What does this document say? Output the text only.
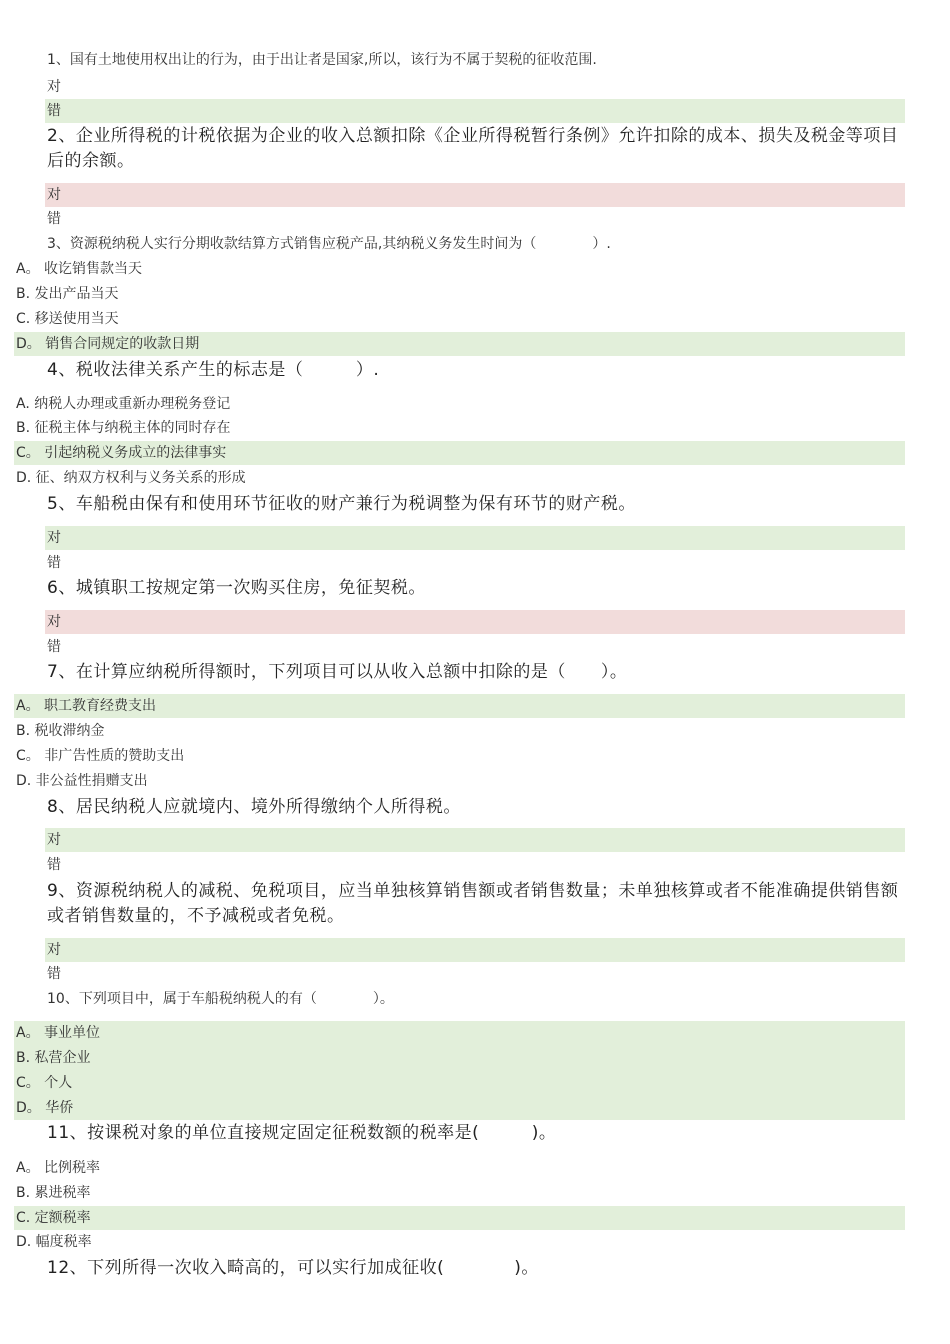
1、国有土地使用权出让的行为，由于出让者是国家,所以，该行为不属于契税的征收范围.
对
错
2、企业所得税的计税依据为企业的收入总额扣除《企业所得税暂行条例》允许扣除的成本、损失及税金等项目后的余额。
对
错
3、资源税纳税人实行分期收款结算方式销售应税产品,其纳税义务发生时间为（　　　　）.
A。 收讫销售款当天
B. 发出产品当天
C. 移送使用当天
D。 销售合同规定的收款日期
4、税收法律关系产生的标志是（　　　）.
A. 纳税人办理或重新办理税务登记
B. 征税主体与纳税主体的同时存在
C。 引起纳税义务成立的法律事实
D. 征、纳双方权利与义务关系的形成
5、车船税由保有和使用环节征收的财产兼行为税调整为保有环节的财产税。
对
错
6、城镇职工按规定第一次购买住房，免征契税。
对
错
7、在计算应纳税所得额时，下列项目可以从收入总额中扣除的是（　　）。
A。 职工教育经费支出
B. 税收滞纳金
C。 非广告性质的赞助支出
D. 非公益性捐赠支出
8、居民纳税人应就境内、境外所得缴纳个人所得税。
对
错
9、资源税纳税人的减税、免税项目，应当单独核算销售额或者销售数量；未单独核算或者不能准确提供销售额或者销售数量的，不予减税或者免税。
对
错
10、下列项目中，属于车船税纳税人的有（　　　　）。
A。 事业单位
B. 私营企业
C。 个人
D。 华侨
11、按课税对象的单位直接规定固定征税数额的税率是(　　　)。
A。 比例税率
B. 累进税率
C. 定额税率
D. 幅度税率
12、下列所得一次收入畸高的，可以实行加成征收(　　　　)。
